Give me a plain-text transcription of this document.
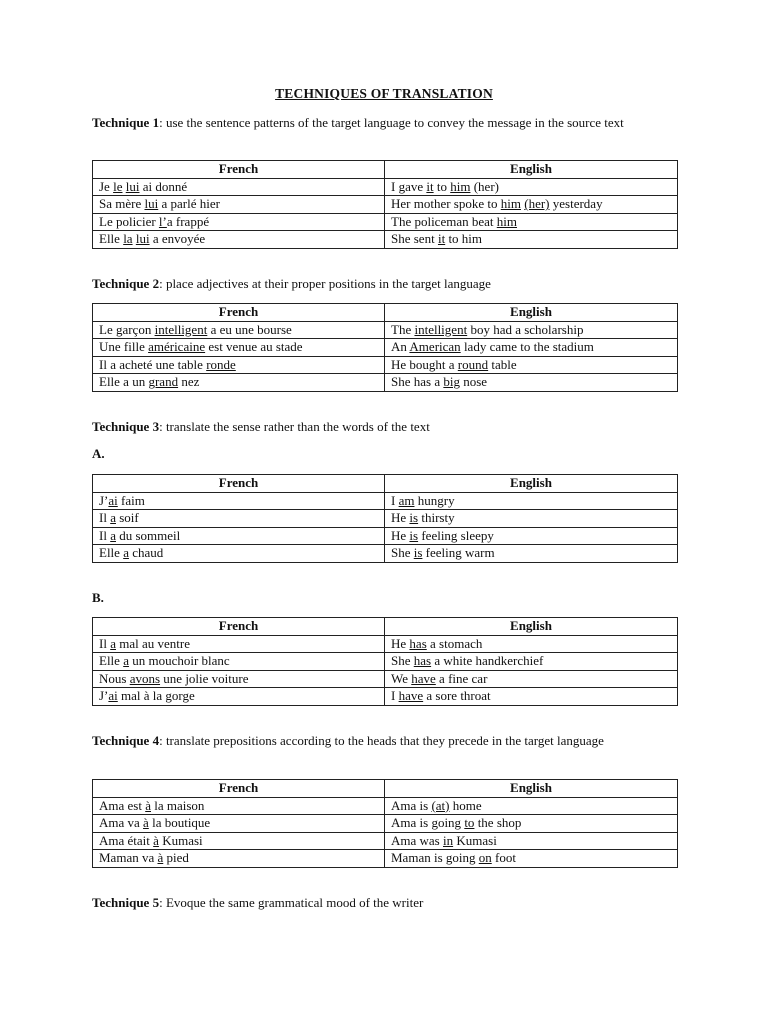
TECHNIQUES OF TRANSLATION
Technique 1: use the sentence patterns of the target language to convey the message in the source text
French	English
Je le lui ai donné	I gave it to him (her)
Sa mère lui a parlé hier	Her mother spoke to him (her) yesterday
Le policier l’a frappé	The policeman beat him
Elle la lui a envoyée	She sent it to him
Technique 2: place adjectives at their proper positions in the target language
French	English
Le garçon intelligent a eu une bourse	The intelligent boy had a scholarship
Une fille américaine est venue au stade	An American lady came to the stadium
Il a acheté une table ronde	He bought a round table
Elle a un grand nez	She has a big nose
Technique 3: translate the sense rather than the words of the text
A.
French	English
J’ai faim	I am hungry
Il a soif	He is thirsty
Il a du sommeil	He is feeling sleepy
Elle a chaud	She is feeling warm
B.
French	English
Il a mal au ventre	He has a stomach
Elle a un mouchoir blanc	She has a white handkerchief
Nous avons une jolie voiture	We have a fine car
J’ai mal à la gorge	I have a sore throat
Technique 4: translate prepositions according to the heads that they precede in the target language
French	English
Ama est à la maison	Ama is (at) home
Ama va à la boutique	Ama is going to the shop
Ama était à Kumasi	Ama was in Kumasi
Maman va à pied	Maman is going on foot
Technique 5: Evoque the same grammatical mood of the writer
